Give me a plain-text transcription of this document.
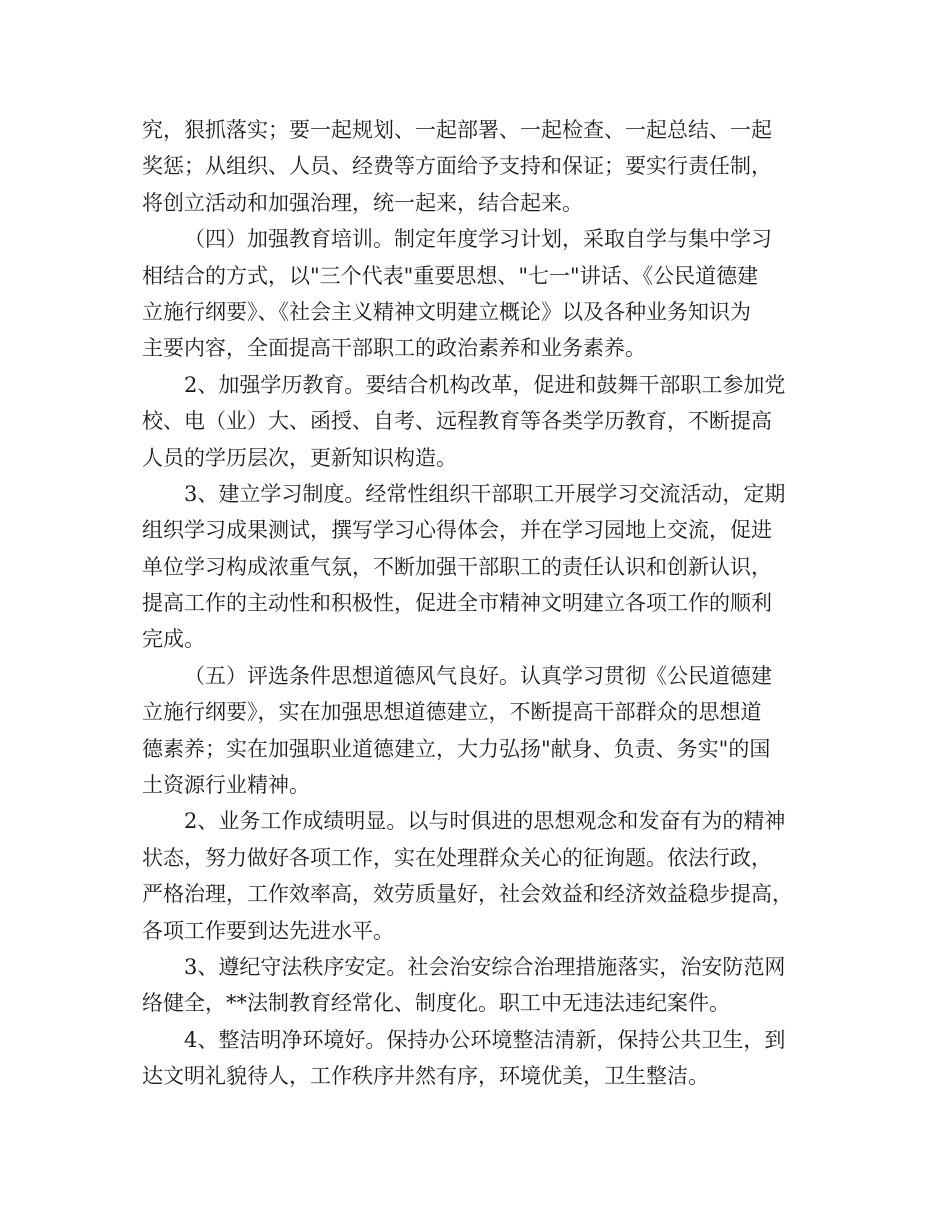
究，狠抓落实；要一起规划、一起部署、一起检查、一起总结、一起
奖惩；从组织、人员、经费等方面给予支持和保证；要实行责任制，
将创立活动和加强治理，统一起来，结合起来。
（四）加强教育培训。制定年度学习计划，采取自学与集中学习
相结合的方式，以"三个代表"重要思想、"七一"讲话、《公民道德建
立施行纲要》、《社会主义精神文明建立概论》以及各种业务知识为
主要内容，全面提高干部职工的政治素养和业务素养。
2、加强学历教育。要结合机构改革，促进和鼓舞干部职工参加党
校、电（业）大、函授、自考、远程教育等各类学历教育，不断提高
人员的学历层次，更新知识构造。
3、建立学习制度。经常性组织干部职工开展学习交流活动，定期
组织学习成果测试，撰写学习心得体会，并在学习园地上交流，促进
单位学习构成浓重气氛，不断加强干部职工的责任认识和创新认识，
提高工作的主动性和积极性，促进全市精神文明建立各项工作的顺利
完成。
（五）评选条件思想道德风气良好。认真学习贯彻《公民道德建
立施行纲要》，实在加强思想道德建立，不断提高干部群众的思想道
德素养；实在加强职业道德建立，大力弘扬"献身、负责、务实"的国
土资源行业精神。
2、业务工作成绩明显。以与时俱进的思想观念和发奋有为的精神
状态，努力做好各项工作，实在处理群众关心的征询题。依法行政，
严格治理，工作效率高，效劳质量好，社会效益和经济效益稳步提高，
各项工作要到达先进水平。
3、遵纪守法秩序安定。社会治安综合治理措施落实，治安防范网
络健全，**法制教育经常化、制度化。职工中无违法违纪案件。
4、整洁明净环境好。保持办公环境整洁清新，保持公共卫生，到
达文明礼貌待人，工作秩序井然有序，环境优美，卫生整洁。
